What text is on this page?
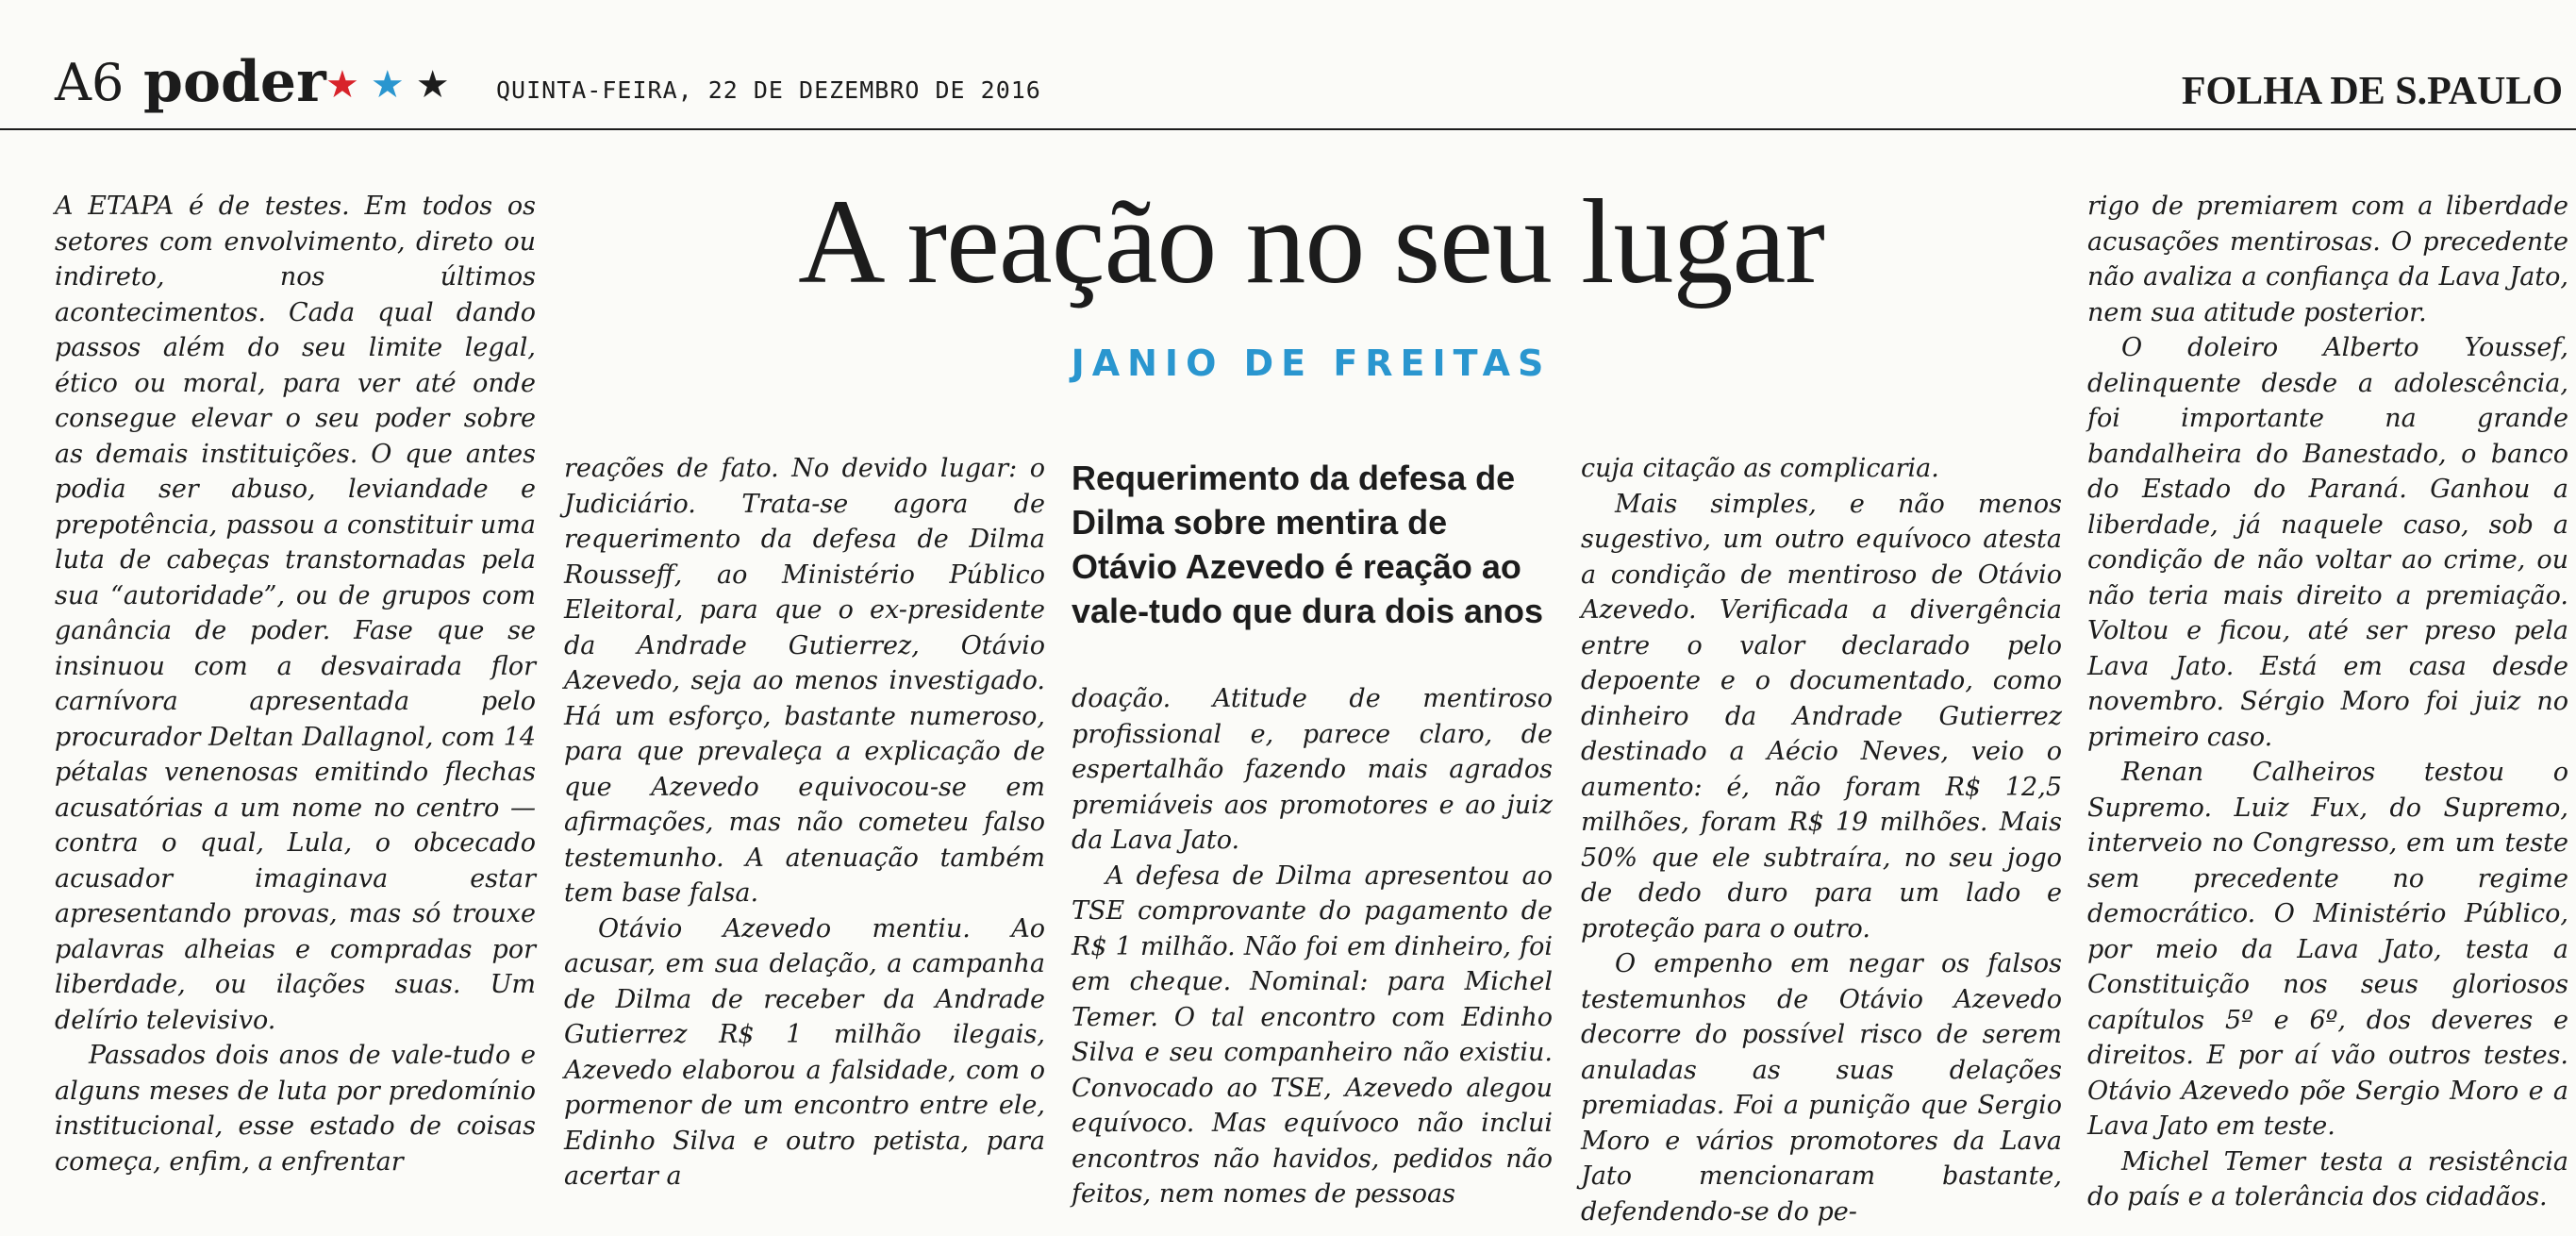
A6 poder ★★★ QUINTA-FEIRA, 22 DE DEZEMBRO DE 2016	FOLHA DE S.PAULO
A reação no seu lugar
JANIO DE FREITAS
Requerimento da defesa de Dilma sobre mentira de Otávio Azevedo é reação ao vale-tudo que dura dois anos

A ETAPA é de testes. Em todos os setores com envolvimento, direto ou indireto, nos últimos acontecimentos. Cada qual dando passos além do seu limite legal, ético ou moral, para ver até onde consegue elevar o seu poder sobre as demais instituições. O que antes podia ser abuso, leviandade e prepotência, passou a constituir uma luta de cabeças transtornadas pela sua “autoridade”, ou de grupos com ganância de poder. Fase que se insinuou com a desvairada flor carnívora apresentada pelo procurador Deltan Dallagnol, com 14 pétalas venenosas emitindo flechas acusatórias a um nome no centro —contra o qual, Lula, o obcecado acusador imaginava estar apresentando provas, mas só trouxe palavras alheias e compradas por liberdade, ou ilações suas. Um delírio televisivo.

Passados dois anos de vale-tudo e alguns meses de luta por predomínio institucional, esse estado de coisas começa, enfim, a enfrentar

reações de fato. No devido lugar: o Judiciário. Trata-se agora de requerimento da defesa de Dilma Rousseff, ao Ministério Público Eleitoral, para que o ex-presidente da Andrade Gutierrez, Otávio Azevedo, seja ao menos investigado. Há um esforço, bastante numeroso, para que prevaleça a explicação de que Azevedo equivocou-se em afirmações, mas não cometeu falso testemunho. A atenuação também tem base falsa.

Otávio Azevedo mentiu. Ao acusar, em sua delação, a campanha de Dilma de receber da Andrade Gutierrez R$ 1 milhão ilegais, Azevedo elaborou a falsidade, com o pormenor de um encontro entre ele, Edinho Silva e outro petista, para acertar a

doação. Atitude de mentiroso profissional e, parece claro, de espertalhão fazendo mais agrados premiáveis aos promotores e ao juiz da Lava Jato.

A defesa de Dilma apresentou ao TSE comprovante do pagamento de R$ 1 milhão. Não foi em dinheiro, foi em cheque. Nominal: para Michel Temer. O tal encontro com Edinho Silva e seu companheiro não existiu. Convocado ao TSE, Azevedo alegou equívoco. Mas equívoco não inclui encontros não havidos, pedidos não feitos, nem nomes de pessoas

cuja citação as complicaria.

Mais simples, e não menos sugestivo, um outro equívoco atesta a condição de mentiroso de Otávio Azevedo. Verificada a divergência entre o valor declarado pelo depoente e o documentado, como dinheiro da Andrade Gutierrez destinado a Aécio Neves, veio o aumento: é, não foram R$ 12,5 milhões, foram R$ 19 milhões. Mais 50% que ele subtraíra, no seu jogo de dedo duro para um lado e proteção para o outro.

O empenho em negar os falsos testemunhos de Otávio Azevedo decorre do possível risco de serem anuladas as suas delações premiadas. Foi a punição que Sergio Moro e vários promotores da Lava Jato mencionaram bastante, defendendo-se do pe-

rigo de premiarem com a liberdade acusações mentirosas. O precedente não avaliza a confiança da Lava Jato, nem sua atitude posterior.

O doleiro Alberto Youssef, delinquente desde a adolescência, foi importante na grande bandalheira do Banestado, o banco do Estado do Paraná. Ganhou a liberdade, já naquele caso, sob a condição de não voltar ao crime, ou não teria mais direito a premiação. Voltou e ficou, até ser preso pela Lava Jato. Está em casa desde novembro. Sérgio Moro foi juiz no primeiro caso.

Renan Calheiros testou o Supremo. Luiz Fux, do Supremo, interveio no Congresso, em um teste sem precedente no regime democrático. O Ministério Público, por meio da Lava Jato, testa a Constituição nos seus gloriosos capítulos 5º e 6º, dos deveres e direitos. E por aí vão outros testes. Otávio Azevedo põe Sergio Moro e a Lava Jato em teste.

Michel Temer testa a resistência do país e a tolerância dos cidadãos.
